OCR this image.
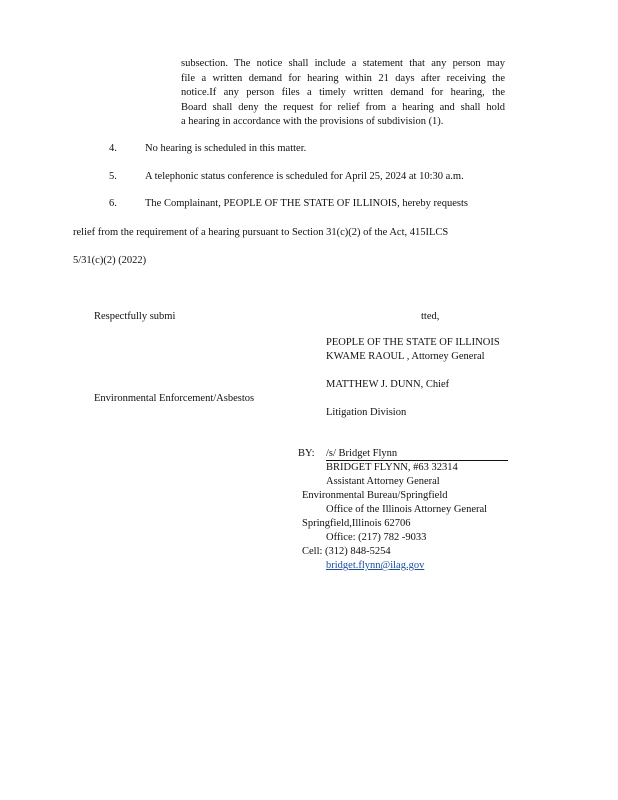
subsection. The notice shall include a statement that any person may
file a written demand for hearing within 21 days after receiving the
notice.If any person files a timely written demand for hearing, the
Board shall deny the request for relief from a hearing and shall hold
a hearing in accordance with the provisions of subdivision (1).
4.	No hearing is scheduled in this matter.
5.	A telephonic status conference is scheduled for April 25, 2024 at 10:30 a.m.
6.	The Complainant, PEOPLE OF THE STATE OF ILLINOIS, hereby requests
relief from the requirement of a hearing pursuant to Section 31(c)(2) of the Act, 415ILCS
5/31(c)(2) (2022)
Respectfully submi	tted,
PEOPLE OF THE STATE OF ILLINOIS
KWAME RAOUL , Attorney General
MATTHEW J. DUNN, Chief
Environmental Enforcement/Asbestos
Litigation Division
BY: /s/ Bridget Flynn
BRIDGET FLYNN, #63 32314
Assistant Attorney General
Environmental Bureau/Springfield
Office of the Illinois Attorney General
Springfield,Illinois 62706
Office: (217) 782 -9033
Cell: (312) 848-5254
bridget.flynn@ilag.gov
